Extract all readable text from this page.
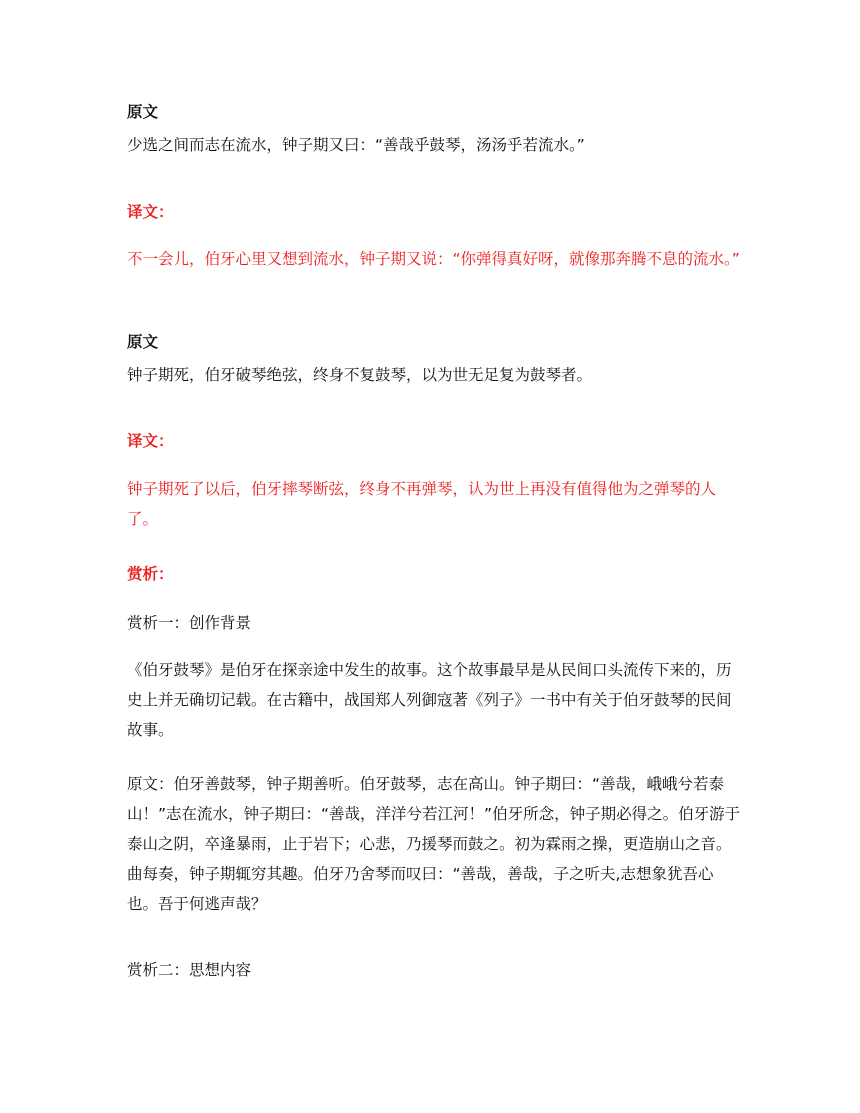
原文
少选之间而志在流水，钟子期又曰：“善哉乎鼓琴，汤汤乎若流水。”
译文：
不一会儿，伯牙心里又想到流水，钟子期又说：“你弹得真好呀，就像那奔腾不息的流水。”
原文
钟子期死，伯牙破琴绝弦，终身不复鼓琴，以为世无足复为鼓琴者。
译文：
钟子期死了以后，伯牙摔琴断弦，终身不再弹琴，认为世上再没有值得他为之弹琴的人了。
赏析：
赏析一：创作背景
《伯牙鼓琴》是伯牙在探亲途中发生的故事。这个故事最早是从民间口头流传下来的，历史上并无确切记载。在古籍中，战国郑人列御寇著《列子》一书中有关于伯牙鼓琴的民间故事。
原文：伯牙善鼓琴，钟子期善听。伯牙鼓琴，志在高山。钟子期曰：“善哉，峨峨兮若泰山！”志在流水，钟子期曰：“善哉，洋洋兮若江河！”伯牙所念，钟子期必得之。伯牙游于泰山之阴，卒逢暴雨，止于岩下；心悲，乃援琴而鼓之。初为霖雨之操，更造崩山之音。曲每奏，钟子期辄穷其趣。伯牙乃舍琴而叹曰：“善哉，善哉，子之听夫,志想象犹吾心也。吾于何逃声哉？
赏析二：思想内容
